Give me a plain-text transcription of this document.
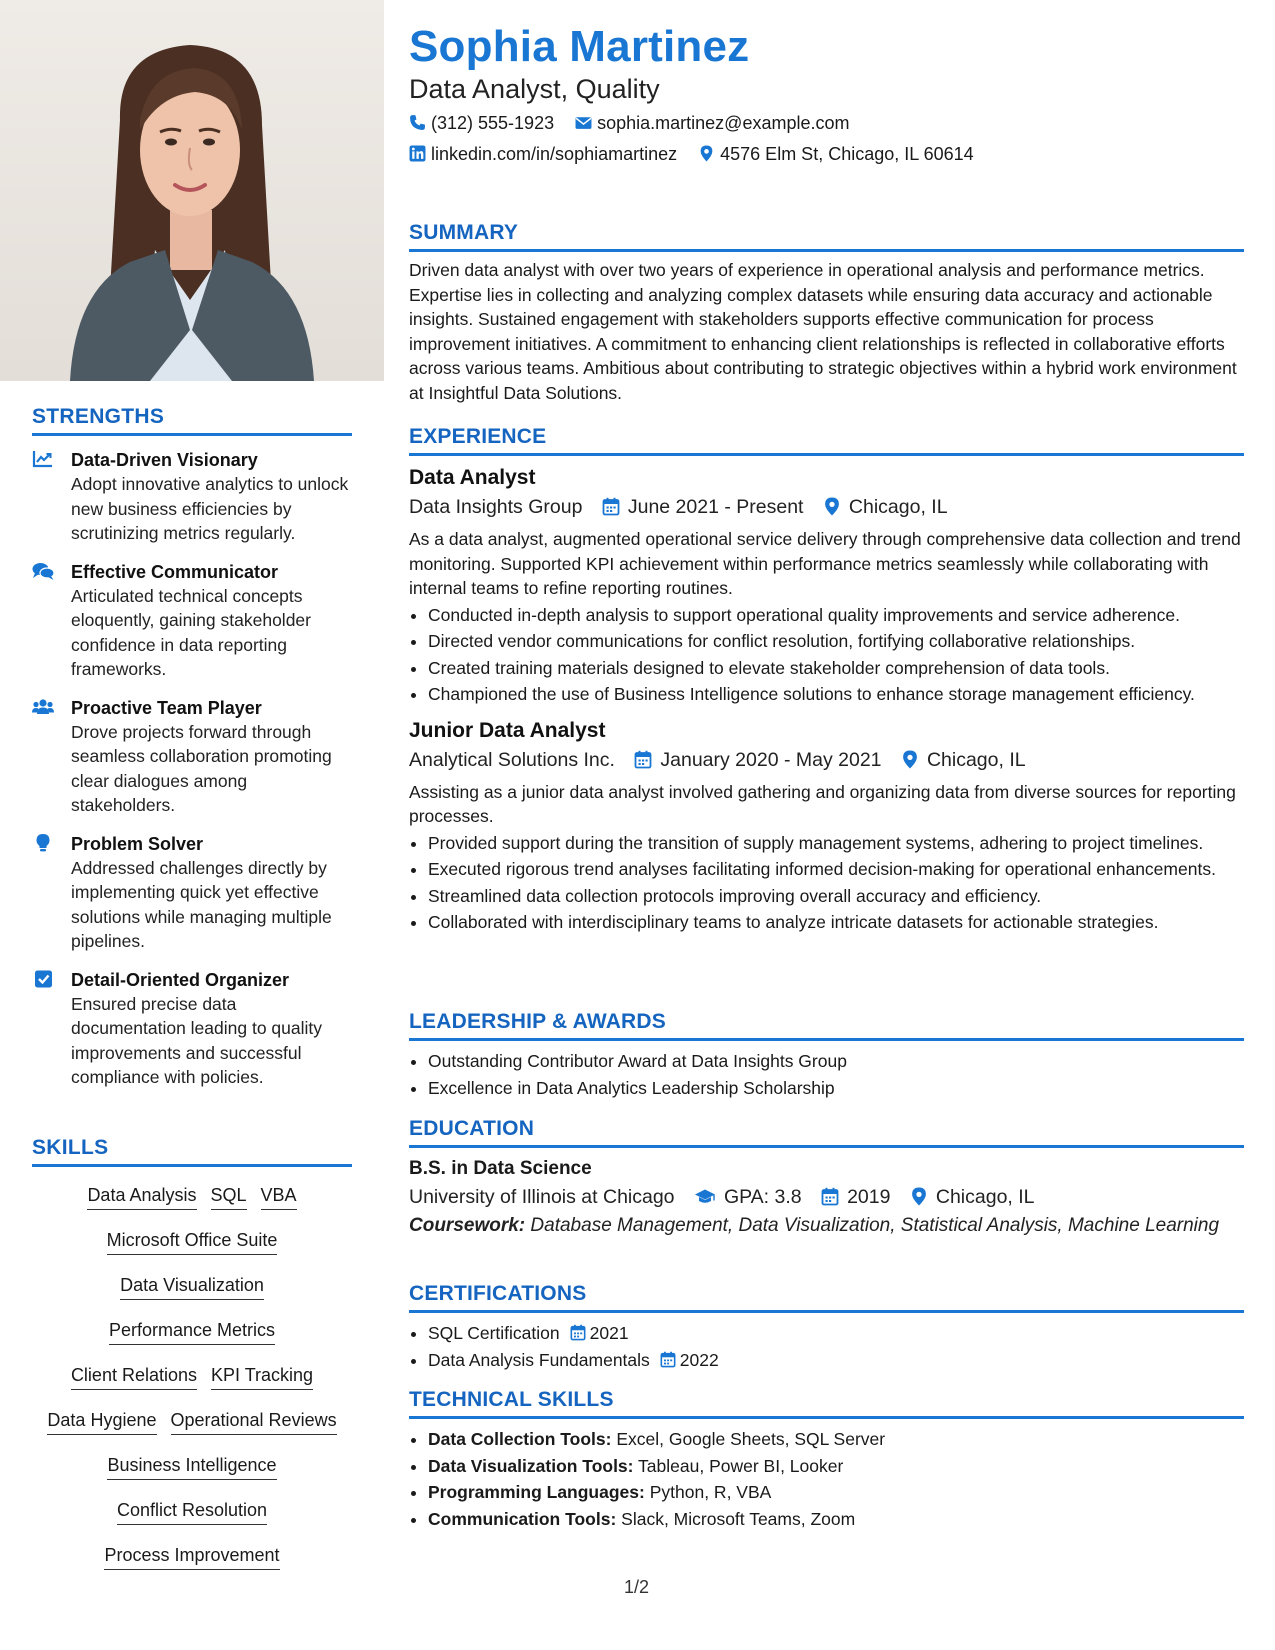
STRENGTHS
Data-Driven Visionary
Adopt innovative analytics to unlock new business efficiencies by scrutinizing metrics regularly.
Effective Communicator
Articulated technical concepts eloquently, gaining stakeholder confidence in data reporting frameworks.
Proactive Team Player
Drove projects forward through seamless collaboration promoting clear dialogues among stakeholders.
Problem Solver
Addressed challenges directly by implementing quick yet effective solutions while managing multiple pipelines.
Detail-Oriented Organizer
Ensured precise data documentation leading to quality improvements and successful compliance with policies.
SKILLS
Data Analysis SQL VBA
Microsoft Office Suite
Data Visualization
Performance Metrics
Client Relations KPI Tracking
Data Hygiene Operational Reviews
Business Intelligence
Conflict Resolution
Process Improvement
Sophia Martinez
Data Analyst, Quality
(312) 555-1923 sophia.martinez@example.com
linkedin.com/in/sophiamartinez 4576 Elm St, Chicago, IL 60614
SUMMARY

Driven data analyst with over two years of experience in operational analysis and performance metrics. Expertise lies in collecting and analyzing complex datasets while ensuring data accuracy and actionable insights. Sustained engagement with stakeholders supports effective communication for process improvement initiatives. A commitment to enhancing client relationships is reflected in collaborative efforts across various teams. Ambitious about contributing to strategic objectives within a hybrid work environment at Insightful Data Solutions.

EXPERIENCE
Data Analyst
Data Insights Group June 2021 - Present Chicago, IL

As a data analyst, augmented operational service delivery through comprehensive data collection and trend monitoring. Supported KPI achievement within performance metrics seamlessly while collaborating with internal teams to refine reporting routines.

• Conducted in-depth analysis to support operational quality improvements and service adherence.
• Directed vendor communications for conflict resolution, fortifying collaborative relationships.
• Created training materials designed to elevate stakeholder comprehension of data tools.
• Championed the use of Business Intelligence solutions to enhance storage management efficiency.
Junior Data Analyst
Analytical Solutions Inc. January 2020 - May 2021 Chicago, IL

Assisting as a junior data analyst involved gathering and organizing data from diverse sources for reporting processes.

• Provided support during the transition of supply management systems, adhering to project timelines.
• Executed rigorous trend analyses facilitating informed decision-making for operational enhancements.
• Streamlined data collection protocols improving overall accuracy and efficiency.
• Collaborated with interdisciplinary teams to analyze intricate datasets for actionable strategies.
LEADERSHIP & AWARDS
• Outstanding Contributor Award at Data Insights Group
• Excellence in Data Analytics Leadership Scholarship
EDUCATION
B.S. in Data Science
University of Illinois at Chicago	GPA: 3.8 2019 Chicago, IL
Coursework: Database Management, Data Visualization, Statistical Analysis, Machine Learning
CERTIFICATIONS
• SQL Certification 2021
• Data Analysis Fundamentals 2022
TECHNICAL SKILLS
• Data Collection Tools: Excel, Google Sheets, SQL Server
• Data Visualization Tools: Tableau, Power BI, Looker
• Programming Languages: Python, R, VBA
• Communication Tools: Slack, Microsoft Teams, Zoom
1/2
